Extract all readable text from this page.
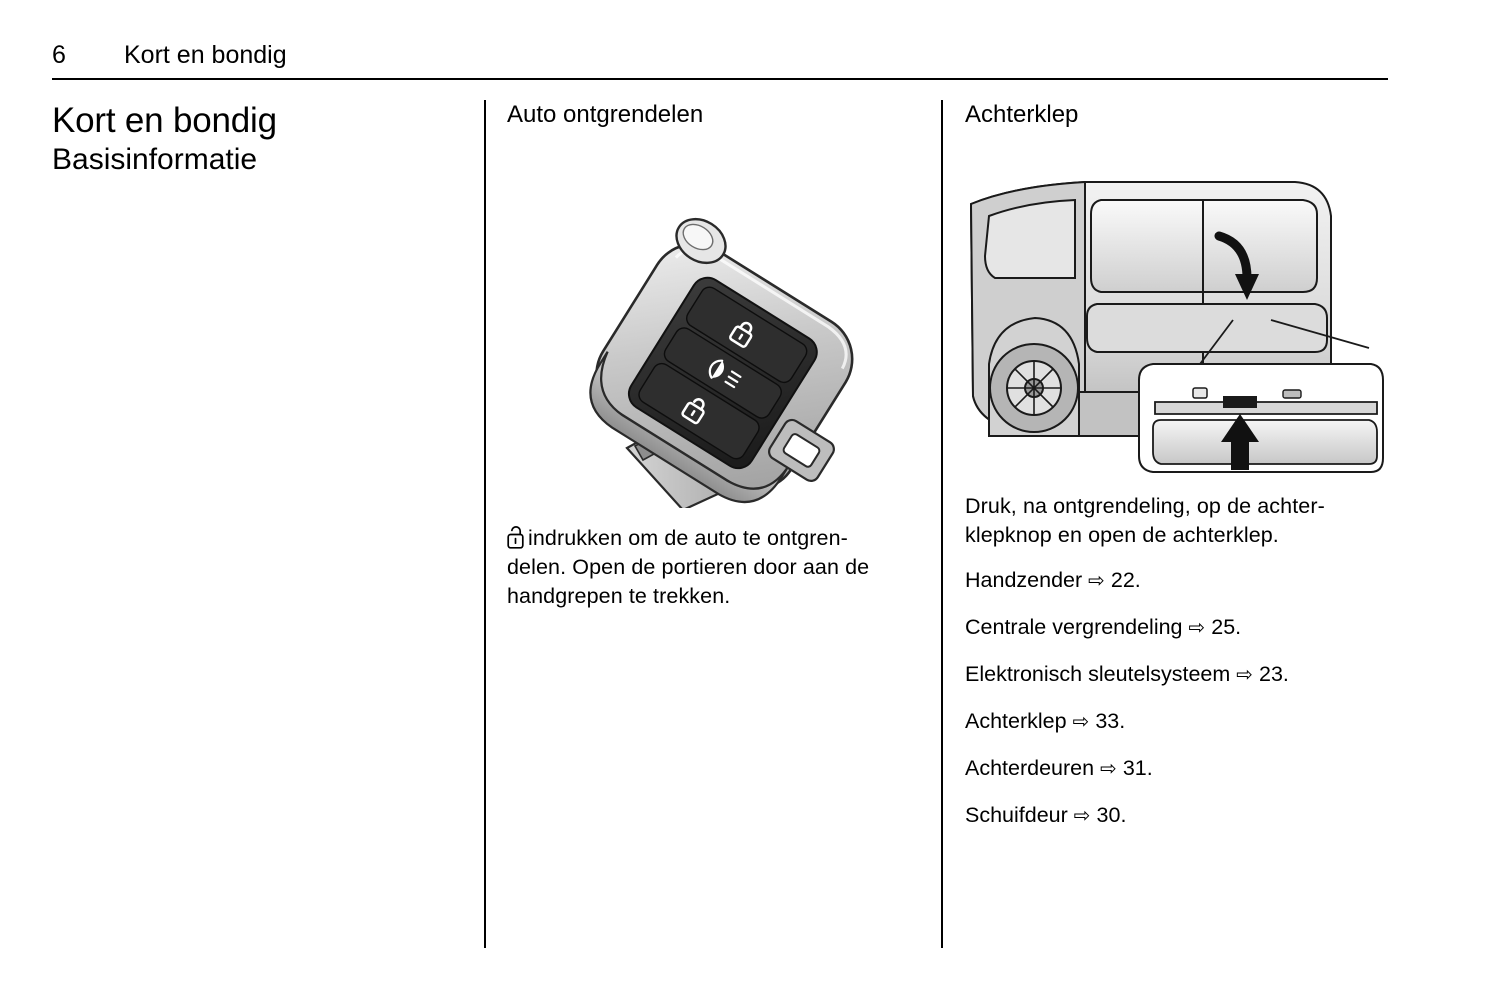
6	Kort en bondig
Kort en bondig
Basisinformatie
Auto ontgrendelen

indrukken om de auto te ontgren-
delen. Open de portieren door aan de
handgrepen te trekken.

Achterklep

Druk, na ontgrendeling, op de achter-
klepknop en open de achterklep.

Handzender ⇨ 22.
Centrale vergrendeling ⇨ 25.
Elektronisch sleutelsysteem ⇨ 23.
Achterklep ⇨ 33.
Achterdeuren ⇨ 31.
Schuifdeur ⇨ 30.
